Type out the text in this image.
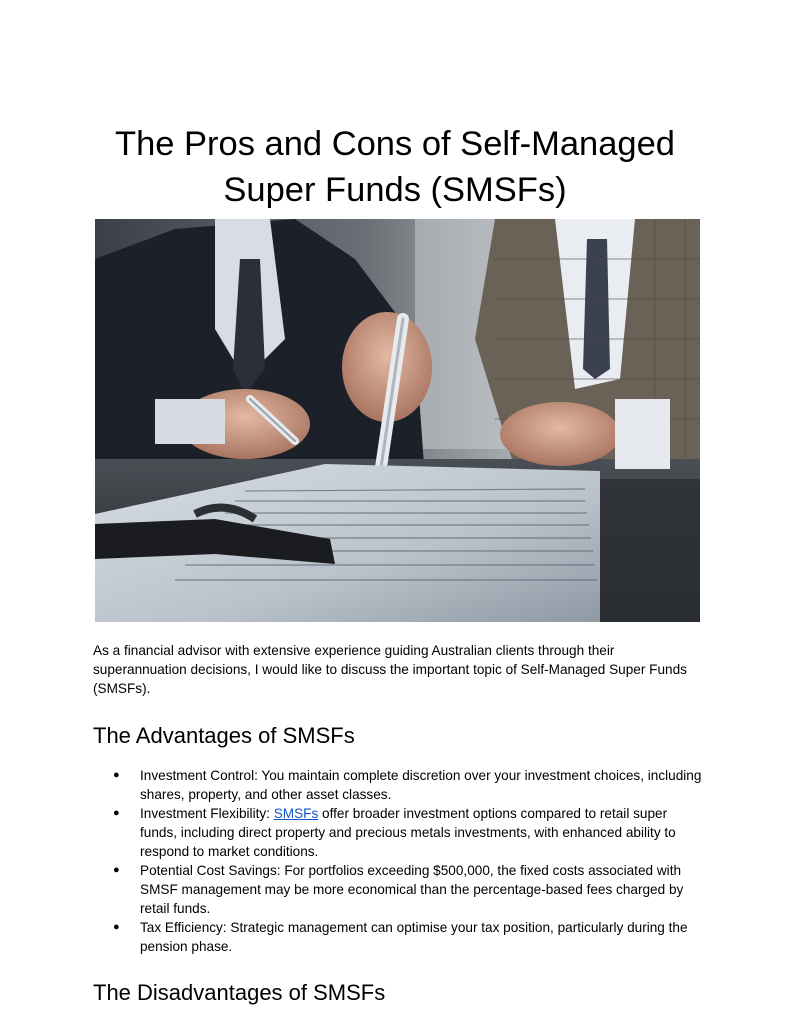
The Pros and Cons of Self-Managed
Super Funds (SMSFs)

As a financial advisor with extensive experience guiding Australian clients through their superannuation decisions, I would like to discuss the important topic of Self-Managed Super Funds (SMSFs).

The Advantages of SMSFs
● Investment Control: You maintain complete discretion over your investment choices, including shares, property, and other asset classes.
● Investment Flexibility: SMSFs offer broader investment options compared to retail super funds, including direct property and precious metals investments, with enhanced ability to respond to market conditions.
● Potential Cost Savings: For portfolios exceeding $500,000, the fixed costs associated with SMSF management may be more economical than the percentage-based fees charged by retail funds.
● Tax Efficiency: Strategic management can optimise your tax position, particularly during the pension phase.
The Disadvantages of SMSFs
